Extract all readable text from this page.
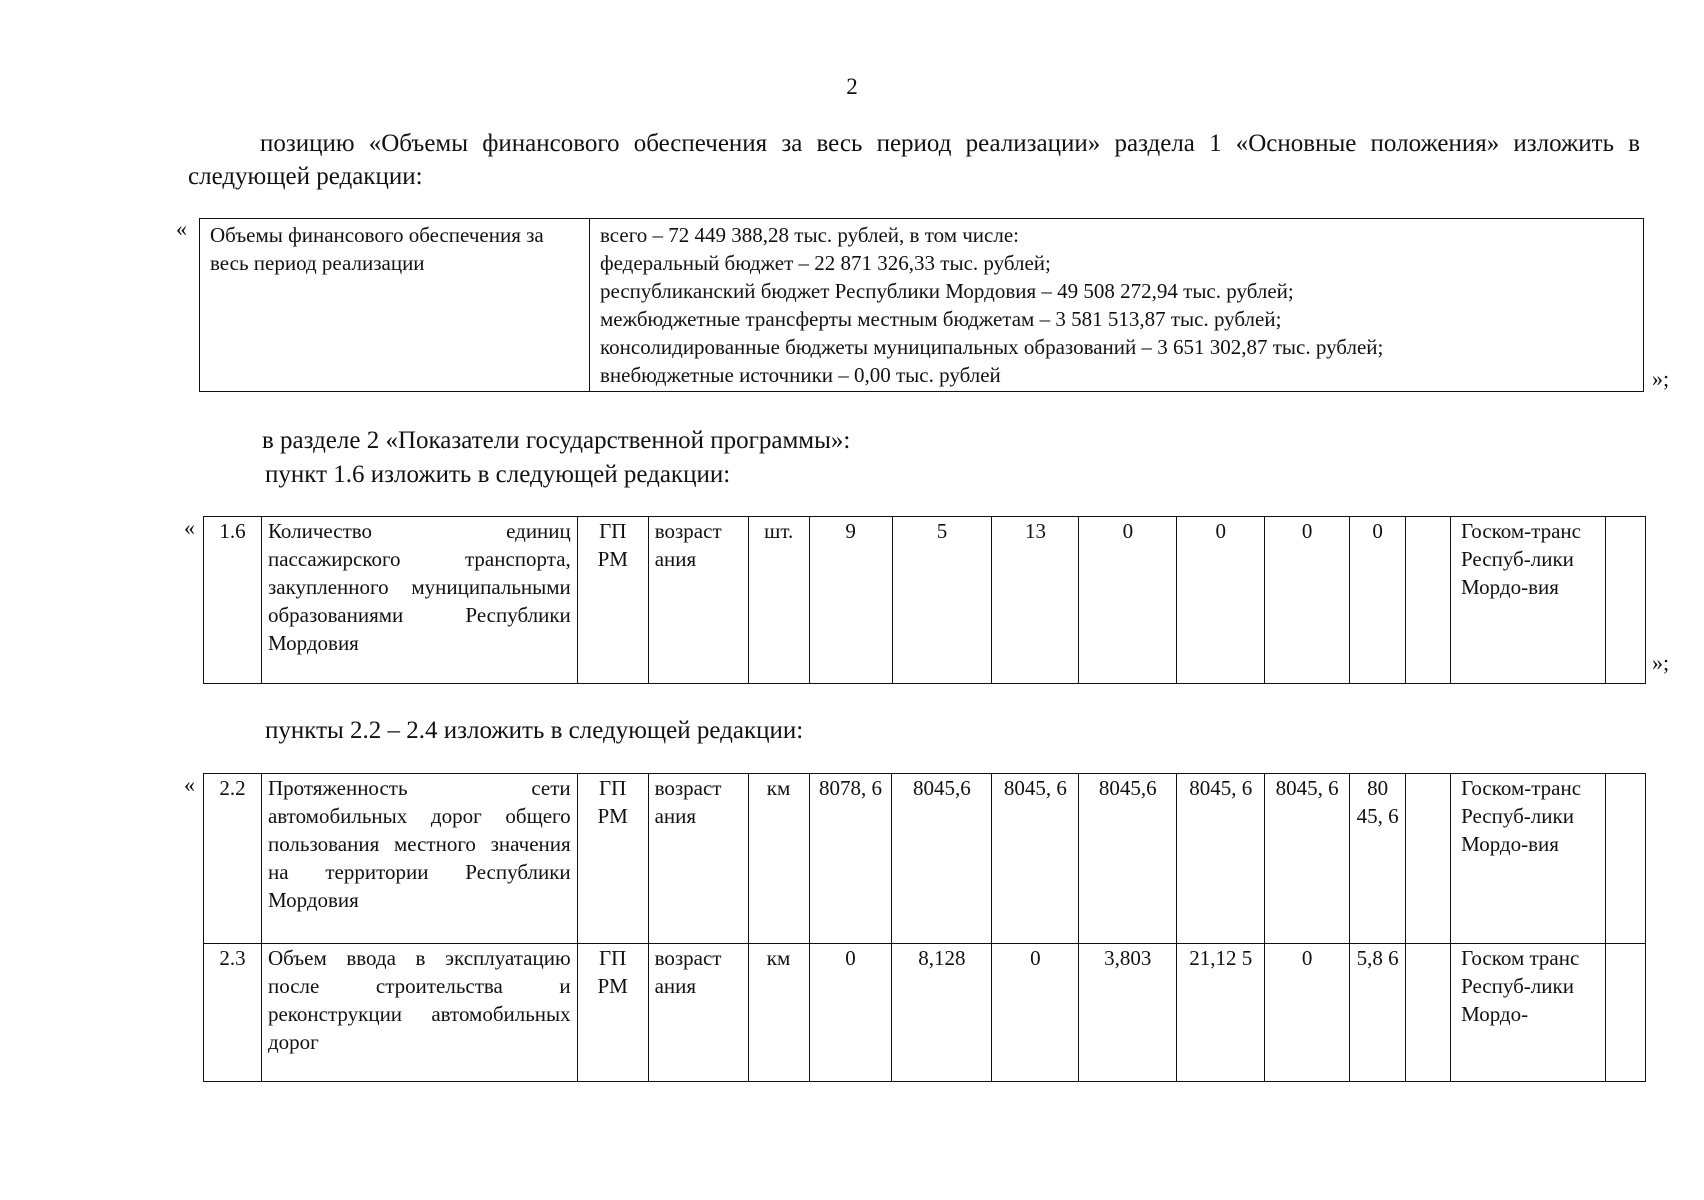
2
позицию «Объемы финансового обеспечения за весь период реализации» раздела 1 «Основные положения» изложить в следующей редакции:
« Объемы финансового обеспечения за весь период реализации	
всего – 72 449 388,28 тыс. рублей, в том числе:
федеральный бюджет – 22 871 326,33 тыс. рублей;
республиканский бюджет Республики Мордовия – 49 508 272,94 тыс. рублей;
межбюджетные трансферты местным бюджетам – 3 581 513,87 тыс. рублей;
консолидированные бюджеты муниципальных образований – 3 651 302,87 тыс. рублей;
внебюджетные источники – 0,00 тыс. рублей	»;
в разделе 2 «Показатели государственной программы»:
пункт 1.6 изложить в следующей редакции:
« 1.6	Количество единиц пассажирского транспорта, закупленного муниципальными образованиями Республики Мордовия	ГП РМ	возраст ания	шт.	9	5	13	0	0	0	0		Госком-транс Респуб-лики Мордо-вия	
»;
пункты 2.2 – 2.4 изложить в следующей редакции:
« 2.2	Протяженность сети автомобильных дорог общего пользования местного значения на территории Республики Мордовия	ГП РМ	возраст ания	км	8078, 6	8045,6	8045, 6	8045,6	8045, 6	8045, 6	80 45, 6		Госком-транс Респуб-лики Мордо-вия	
2.3	Объем ввода в эксплуатацию после строительства и реконструкции автомобильных дорог	ГП РМ	возраст ания	км	0	8,128	0	3,803	21,12 5	0	5,8 6		Госком транс Респуб-лики Мордо-	
